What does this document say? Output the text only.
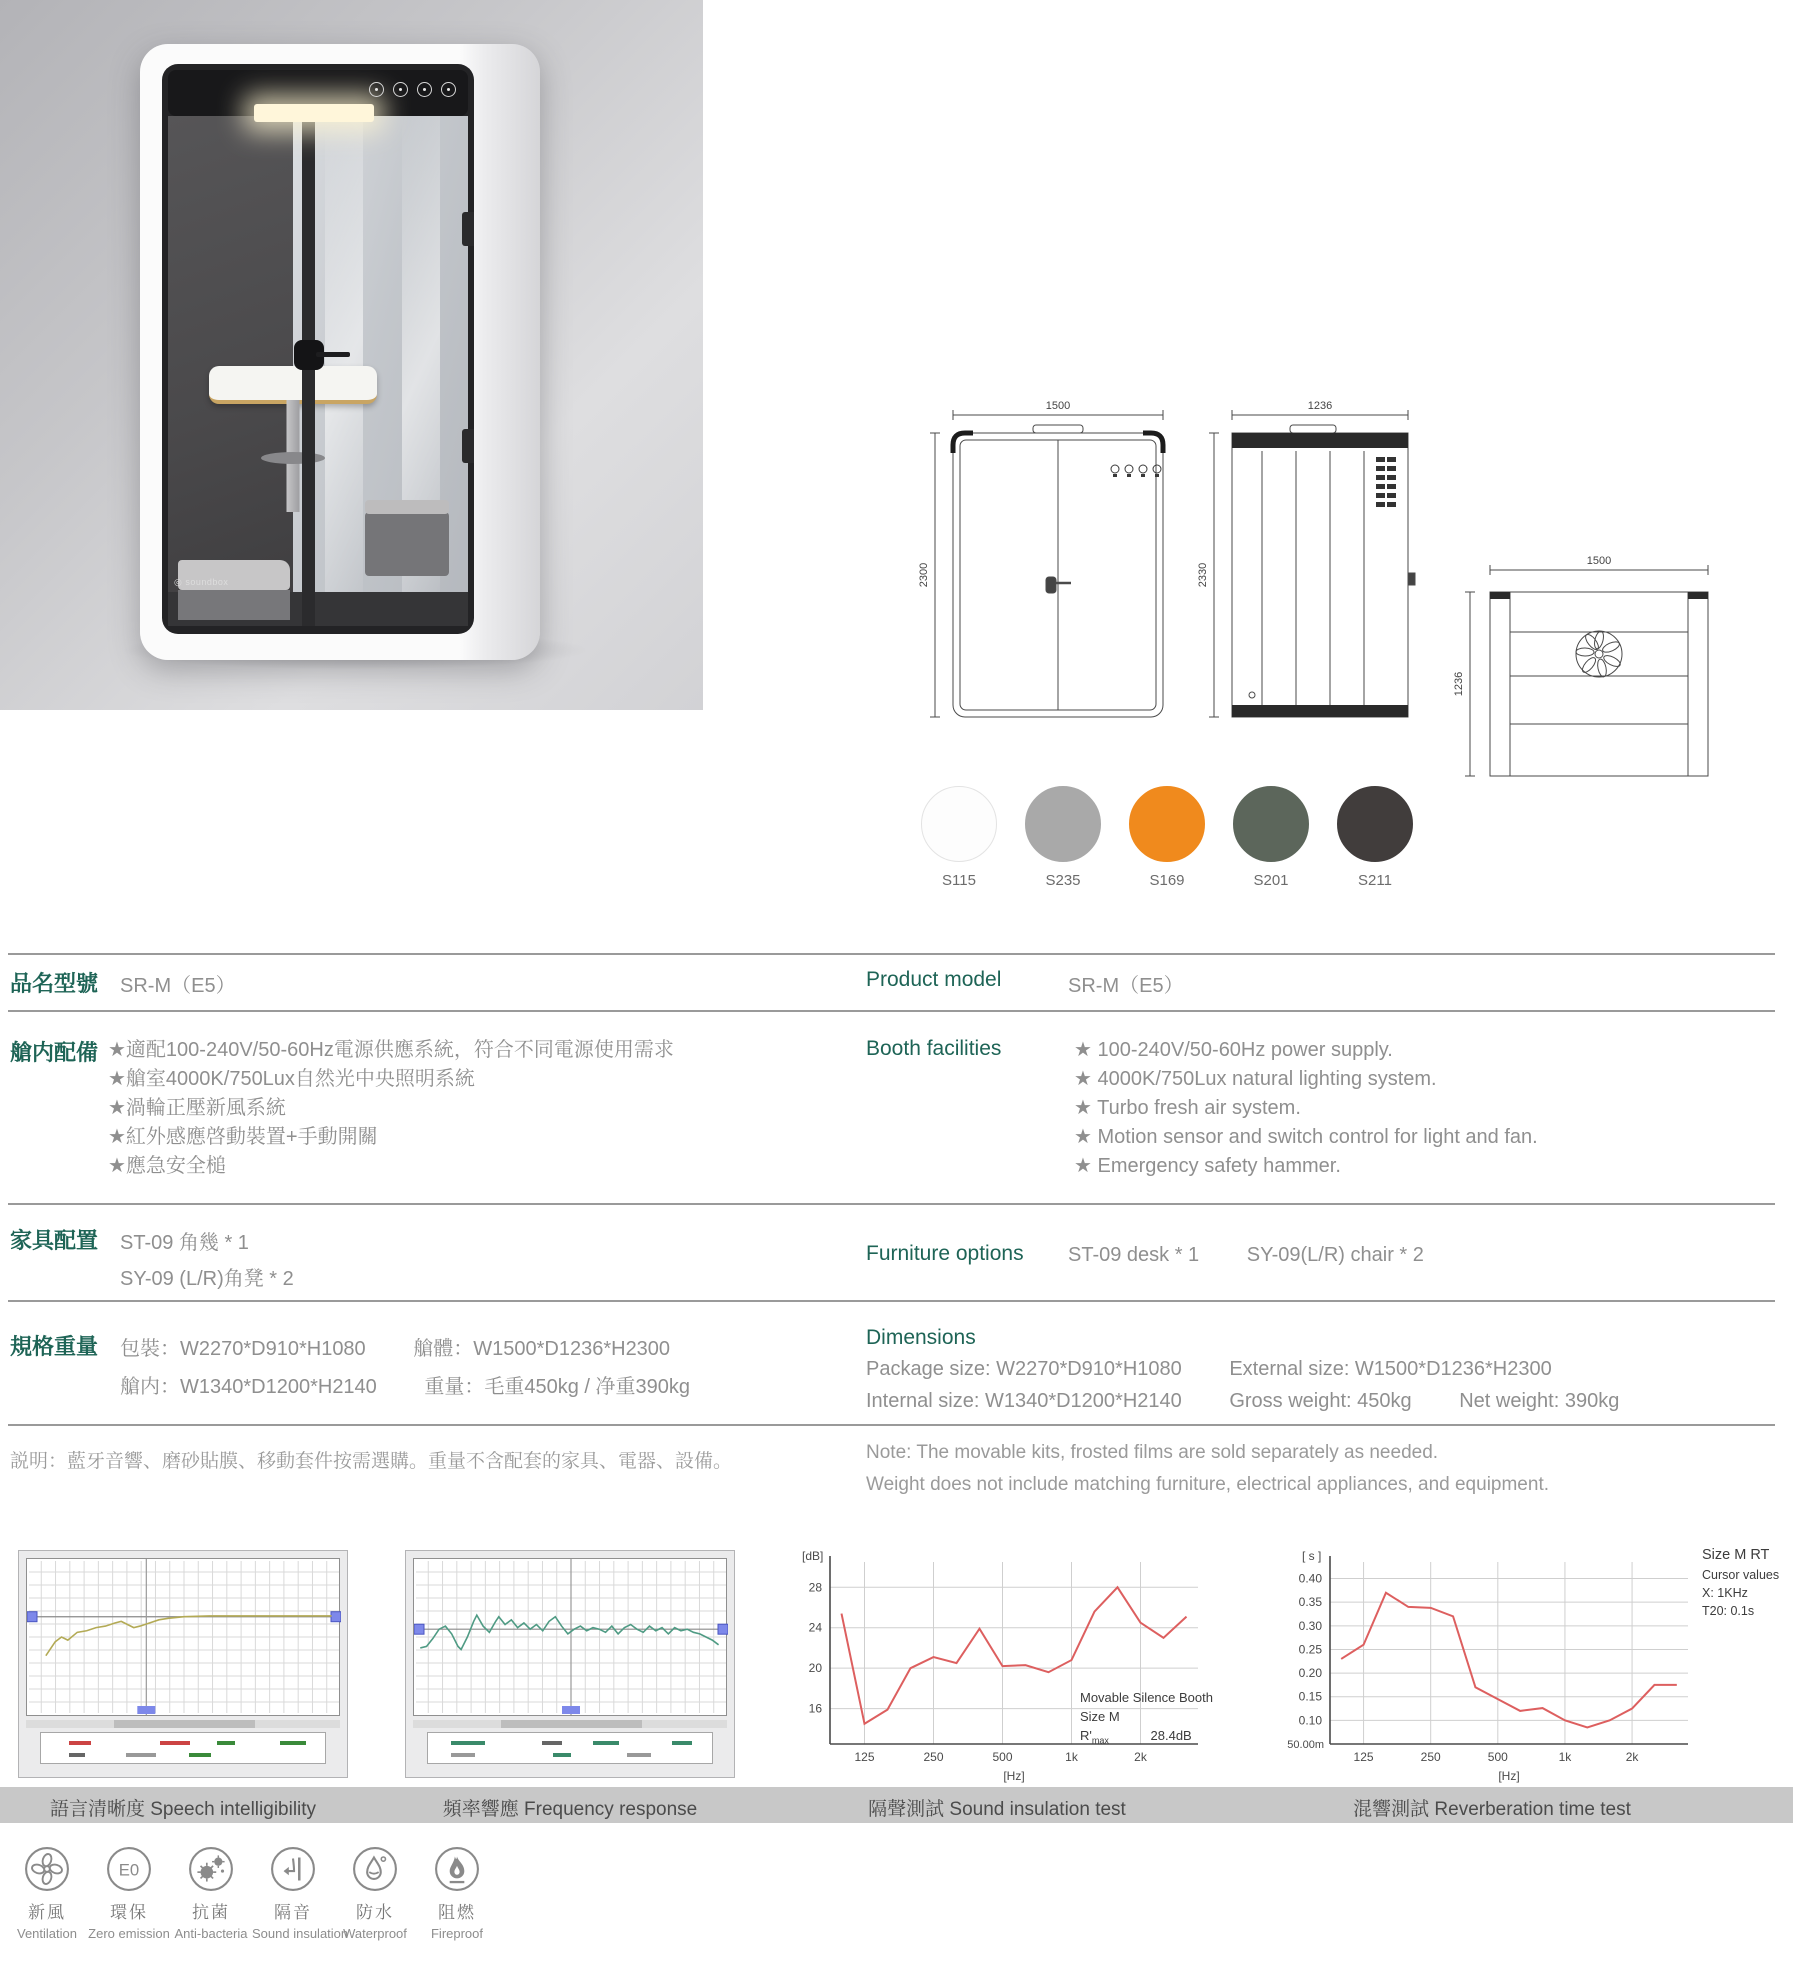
◎ soundbox
1500
2300
1236
2330
1500
1236
S115	S235	S169	S201	S211
品名型號 SR-M（E5）	Product model	SR-M（E5）
艙内配備 ★適配100-240V/50-60Hz電源供應系統，符合不同電源使用需求
★艙室4000K/750Lux自然光中央照明系統
★渦輪正壓新風系統
★紅外感應啓動裝置+手動開關
★應急安全槌
Booth facilities	★ 100-240V/50-60Hz power supply.
★ 4000K/750Lux natural lighting system.
★ Turbo fresh air system.
★ Motion sensor and switch control for light and fan.
★ Emergency safety hammer.
家具配置 ST-09 角幾 * 1
SY-09 (L/R)角凳 * 2
Furniture options ST-09 desk * 1 SY-09(L/R) chair * 2
規格重量 包裝：W2270*D910*H1080 艙體：W1500*D1236*H2300
艙内：W1340*D1200*H2140 重量：毛重450kg / 净重390kg
Dimensions
Package size: W2270*D910*H1080 External size: W1500*D1236*H2300
Internal size: W1340*D1200*H2140 Gross weight: 450kg Net weight: 390kg
説明：藍牙音響、磨砂貼膜、移動套件按需選購。重量不含配套的家具、電器、設備。	Note: The movable kits, frosted films are sold separately as needed.
Weight does not include matching furniture, electrical appliances, and equipment.
28
24
20
16
125	250	500	1k	2k
[dB]
[Hz]
Movable Silence Booth
Size M
$R'_{max}$	28.4dB
0.40
0.35
0.30
0.25
0.20
0.15
0.10
125	250	500	1k	2k
[ s ]
[Hz]
50.00m
Size M RT
Cursor values
X: 1KHz
T20: 0.1s
語言清晰度 Speech intelligibility	頻率響應 Frequency response	隔聲測試 Sound insulation test	混響測試 Reverberation time test
新風
Ventilation
E0
環保
Zero emission
抗菌
Anti-bacteria
隔音
Sound insulation
防水
Waterproof
阻燃
Fireproof
